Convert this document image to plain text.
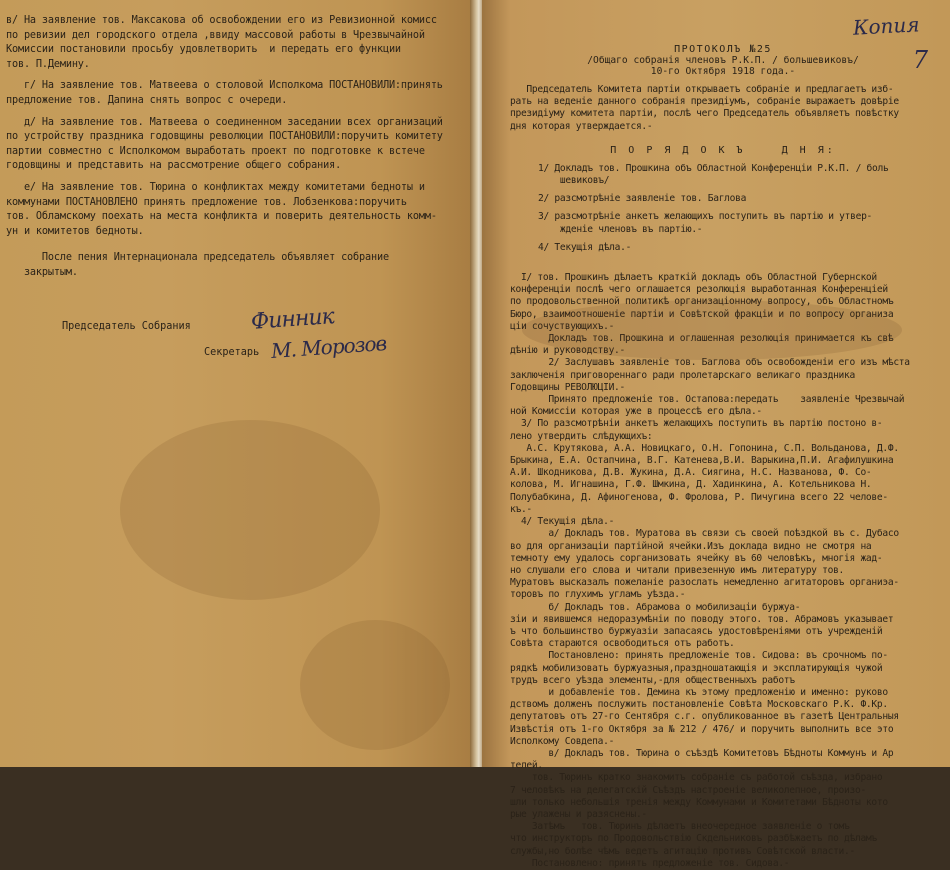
в/ На заявление тов. Максакова об освобождении его из Ревизионной комисс
по ревизии дел городского отдела ,ввиду массовой работы в Чрезвычайной
Комиссии постановили просьбу удовлетворить  и передать его функции
тов. П.Демину.
г/ На заявление тов. Матвеева о столовой Исполкома ПОСТАНОВИЛИ:принять
предложение тов. Дапина снять вопрос с очереди.
д/ На заявление тов. Матвеева о соединенном заседании всех организаций
по устройству праздника годовщины революции ПОСТАНОВИЛИ:поручить комитету
партии совместно с Исполкомом выработать проект по подготовке к встече
годовщины и представить на рассмотрение общего собрания.
е/ На заявление тов. Тюрина о конфликтах между комитетами бедноты и
коммунами ПОСТАНОВЛЕНО принять предложение тов. Лобзенкова:поручить
тов. Обламскому поехать на места конфликта и поверить деятельность комм-
ун и комитетов бедноты.
После пения Интернационала председатель объявляет собрание
закрытым.
Председатель Собрания	Финник
Секретарь М. Морозов
Копия
7
ПРОТОКОЛЪ №25
/Общаго собранія членовъ Р.К.П. / большевиковъ/
10-го Октября 1918 года.-
Председатель Комитета партіи открываетъ собраніе и предлагаетъ изб-
рать на веденіе данного собранія президіумъ, собраніе выражаетъ довѣріе
президіуму комитета партіи, послѣ чего Председатель объявляетъ повѣстку
дня которая утверждается.-
П О Р Я Д О К Ъ    Д Н Я:
1/ Докладъ тов. Прошкина объ Областной Конференціи Р.К.П. / боль
шевиковъ/
2/ разсмотрѣніе заявленіе тов. Баглова
3/ разсмотрѣніе анкетъ желающихъ поступить въ партію и утвер-
жденіе членовъ въ партію.-
4/ Текущія дѣла.-
I/ тов. Прошкинъ дѣлаетъ краткій докладъ объ Областной Губернской
конференціи послѣ чего оглашается резолюція выработанная Конференціей
по продовольственной политикѣ организаціонному вопросу, объ Областномъ
Бюро, взаимоотношеніе партіи и Совѣтской фракціи и по вопросу организа
ціи сочуствующихъ.-
Докладъ тов. Прошкина и оглашенная резолюція принимается къ свѣ
дѣнію и руководству.-
2/ Заслушавъ заявленіе тов. Баглова объ освобожденіи его изъ мѣста
заключенія приговореннаго ради пролетарскаго великаго праздника
Годовщины РЕВОЛЮЦІИ.-
Принято предложеніе тов. Остапова:передать    заявленіе Чрезвычай
ной Комиссіи которая уже в процессѣ его дѣла.-
3/ По разсмотрѣніи анкетъ желающихъ поступить въ партію постоно в-
лено утвердить слѣдующихъ:
А.С. Крутякова, А.А. Новицкаго, О.Н. Гопонина, С.П. Вольданова, Д.Ф.
Брыкина, Е.А. Остапчина, В.Г. Катенева,В.И. Варыкина,П.И. Агафилушкина
А.И. Шкодникова, Д.В. Жукина, Д.А. Сиягина, Н.С. Названова, Ф. Со-
колова, М. Игнашина, Г.Ф. Шмкина, Д. Хадинкина, А. Котельникова Н.
Полубабкина, Д. Афиногенова, Ф. Фролова, Р. Пичугина всего 22 челове-
къ.-
4/ Текущія дѣла.-
а/ Докладъ тов. Муратова въ связи съ своей поѣздкой въ с. Дубасо
во для организаціи партійной ячейки.Изъ доклада видно не смотря на
темноту ему удалось сорганизовать ячейку въ 60 человѣкъ, многія жад-
но слушали его слова и читали привезенную имъ литературу тов.
Муратовъ высказалъ пожеланіе разослать немедленно агитаторовъ органиэа-
торовъ по глухимъ угламъ уѣзда.-
б/ Докладъ тов. Абрамова о мобилизаціи буржуа-
зіи и явившемся недоразумѣніи по поводу этого. тов. Абрамовъ указывает
ъ что большинство буржуазіи запасаясь удостовѣреніями отъ учрежденій
Совѣта стараются освободиться отъ работъ.
Постановлено: принять предложеніе тов. Сидова: въ срочномъ по-
рядкѣ мобилизовать буржуазныя,праздношатающія и эксплатирующія чужой
трудъ всего уѣзда элементы,-для общественныхъ работъ
и добавленіе тов. Демина къ этому предложенію и именно: руково
дствомъ долженъ послужить постановленіе Совѣта Московскаго Р.К. Ф.Кр.
депутатовъ отъ 27-го Сентября с.г. опубликованное въ газетѣ Центральныя
Извѣстія отъ 1-го Октября за № 212 / 476/ и поручить выполнить все это
Исполкому Совдепа.-
в/ Докладъ тов. Тюрина о съѣздѣ Комитетовъ Бѣдноты Коммунъ и Ар
телей.
тов. Тюринъ кратко знакомитъ собраніе съ работой съѣзда, избрано
7 человѣкъ на делегатскій Съѣздъ настроеніе великолепное, произо-
шли только небольшія тренія между Коммунами и Комитетами Бѣдноты кото
рые улажены и разяснены.-
Затѣмъ   тов. Тюринъ дѣлаетъ внеочередное заявленіе о томъ
что инструкторъ по Продовольствію Скдельниковъ разбѣжаетъ по дѣламъ
службы,но болѣе чѣмъ ведетъ агитацію противъ Совѣтской власти.-
Постановлено: принять предложеніе тов. Сидова.-
